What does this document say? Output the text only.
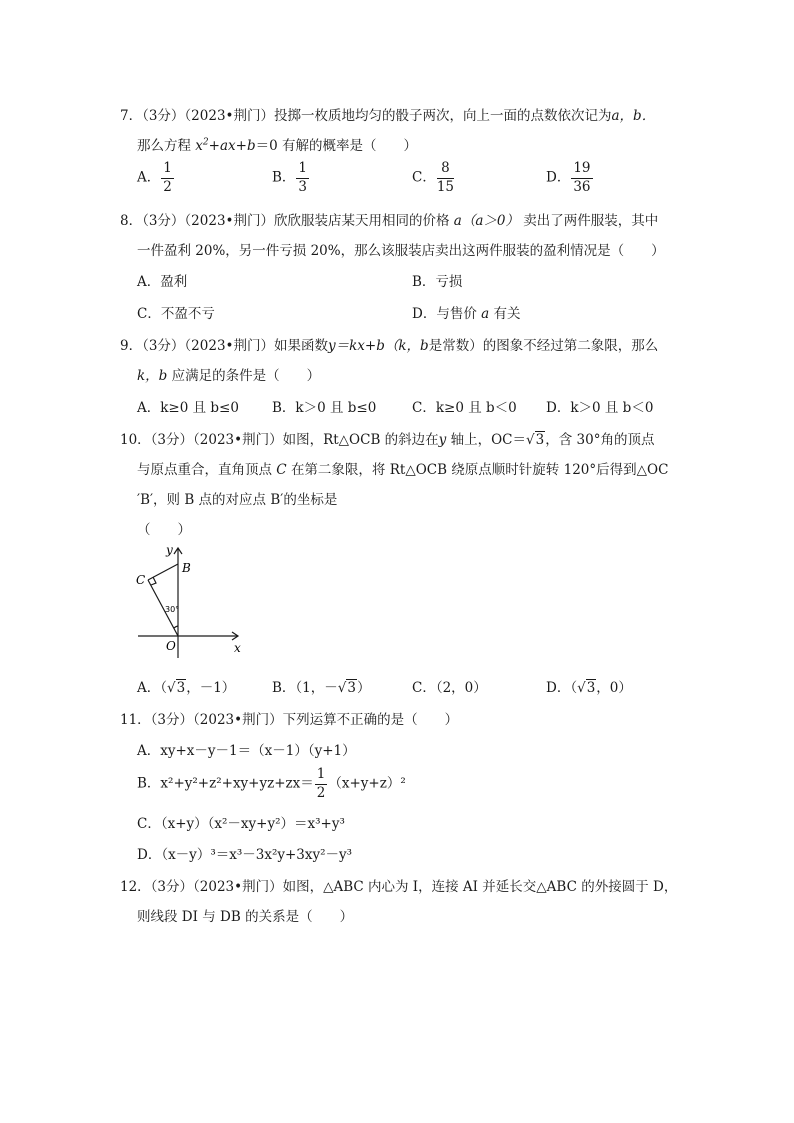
7．（3分）（2023•荆门）投掷一枚质地均匀的骰子两次，向上一面的点数依次记为a，b．
那么方程 $x^2+ax+b=0$ 有解的概率是（　　）
A． $\frac{1}{2}$	B． $\frac{1}{3}$	C． $\frac{8}{15}$	D． $\frac{19}{36}$
8．（3分）（2023•荆门）欣欣服装店某天用相同的价格 a（a＞0） 卖出了两件服装，其中
一件盈利 20%，另一件亏损 20%，那么该服装店卖出这两件服装的盈利情况是（　　）
A．盈利	B．亏损
C．不盈不亏	D．与售价 a 有关
9．（3分）（2023•荆门）如果函数y＝kx+b（k，b是常数）的图象不经过第二象限，那么
k，b 应满足的条件是（　　）
A．k≥0 且 b≤0 B．k＞0 且 b≤0	C．k≥0 且 b＜0 D．k＞0 且 b＜0
10．（3分）（2023•荆门）如图，Rt△OCB 的斜边在y 轴上，OC＝√3，含 30°角的顶点
与原点重合，直角顶点 C 在第二象限，将 Rt△OCB 绕原点顺时针旋转 120°后得到△OC
′B′，则 B 点的对应点 B′的坐标是
（　　）
y
x
B
C
O
30°
A．（√3，－1）	B．（1，－√3）	C．（2，0）	D．（√3，0）
11．（3分）（2023•荆门）下列运算不正确的是（　　）
A．xy+x－y－1＝（x－1）（y+1）
B．$x^2+y^2+z^2+xy+yz+zx= \frac{1}{2} (x+y+z)^2$
C．（x+y）（x²－xy+y²）＝x³+y³
D．（x－y）³＝x³－3x²y+3xy²－y³
12．（3分）（2023•荆门）如图，△ABC 内心为 I，连接 AI 并延长交△ABC 的外接圆于 D，
则线段 DI 与 DB 的关系是（　　）
